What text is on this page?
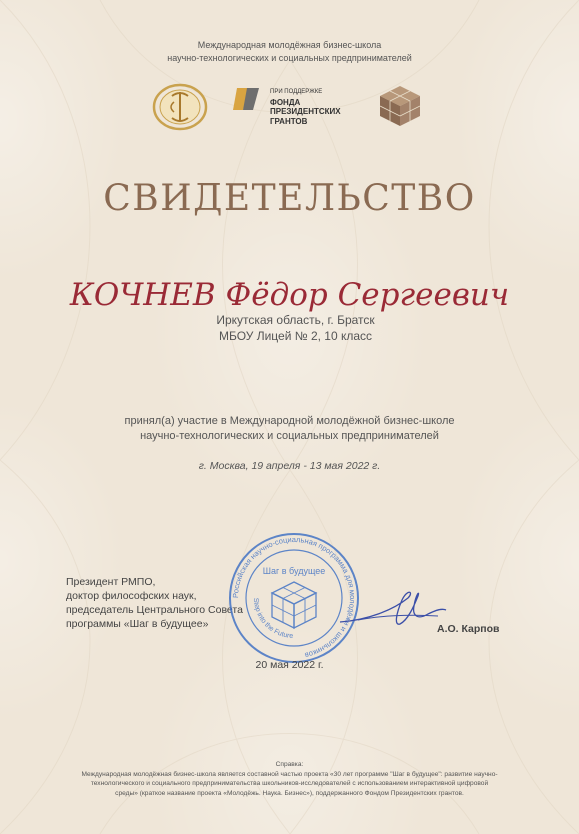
Международная молодёжная бизнес-школа
научно-технологических и социальных предпринимателей
ПРИ ПОДДЕРЖКЕ
ФОНДА
ПРЕЗИДЕНТСКИХ
ГРАНТОВ
СВИДЕТЕЛЬСТВО
КОЧНЕВ Фёдор Сергеевич
Иркутская область, г. Братск
МБОУ Лицей № 2, 10 класс
принял(а) участие в Международной молодёжной бизнес-школе
научно-технологических и социальных предпринимателей
г. Москва, 19 апреля - 13 мая 2022 г.
Президент РМПО,
доктор философских наук,
председатель Центрального Совета
программы «Шаг в будущее»
Российская научно-социальная программа для молодёжи и школьников
Step into the Future
Шаг в будущее
А.О. Карпов
20 мая 2022 г.
Справка:
Международная молодёжная бизнес-школа является составной частью проекта «30 лет программе "Шаг в будущее": развитие научно-
технологического и социального предпринимательства школьников-исследователей с использованием интерактивной цифровой
среды» (краткое название проекта «Молодёжь. Наука. Бизнес»), поддержанного Фондом Президентских грантов.
